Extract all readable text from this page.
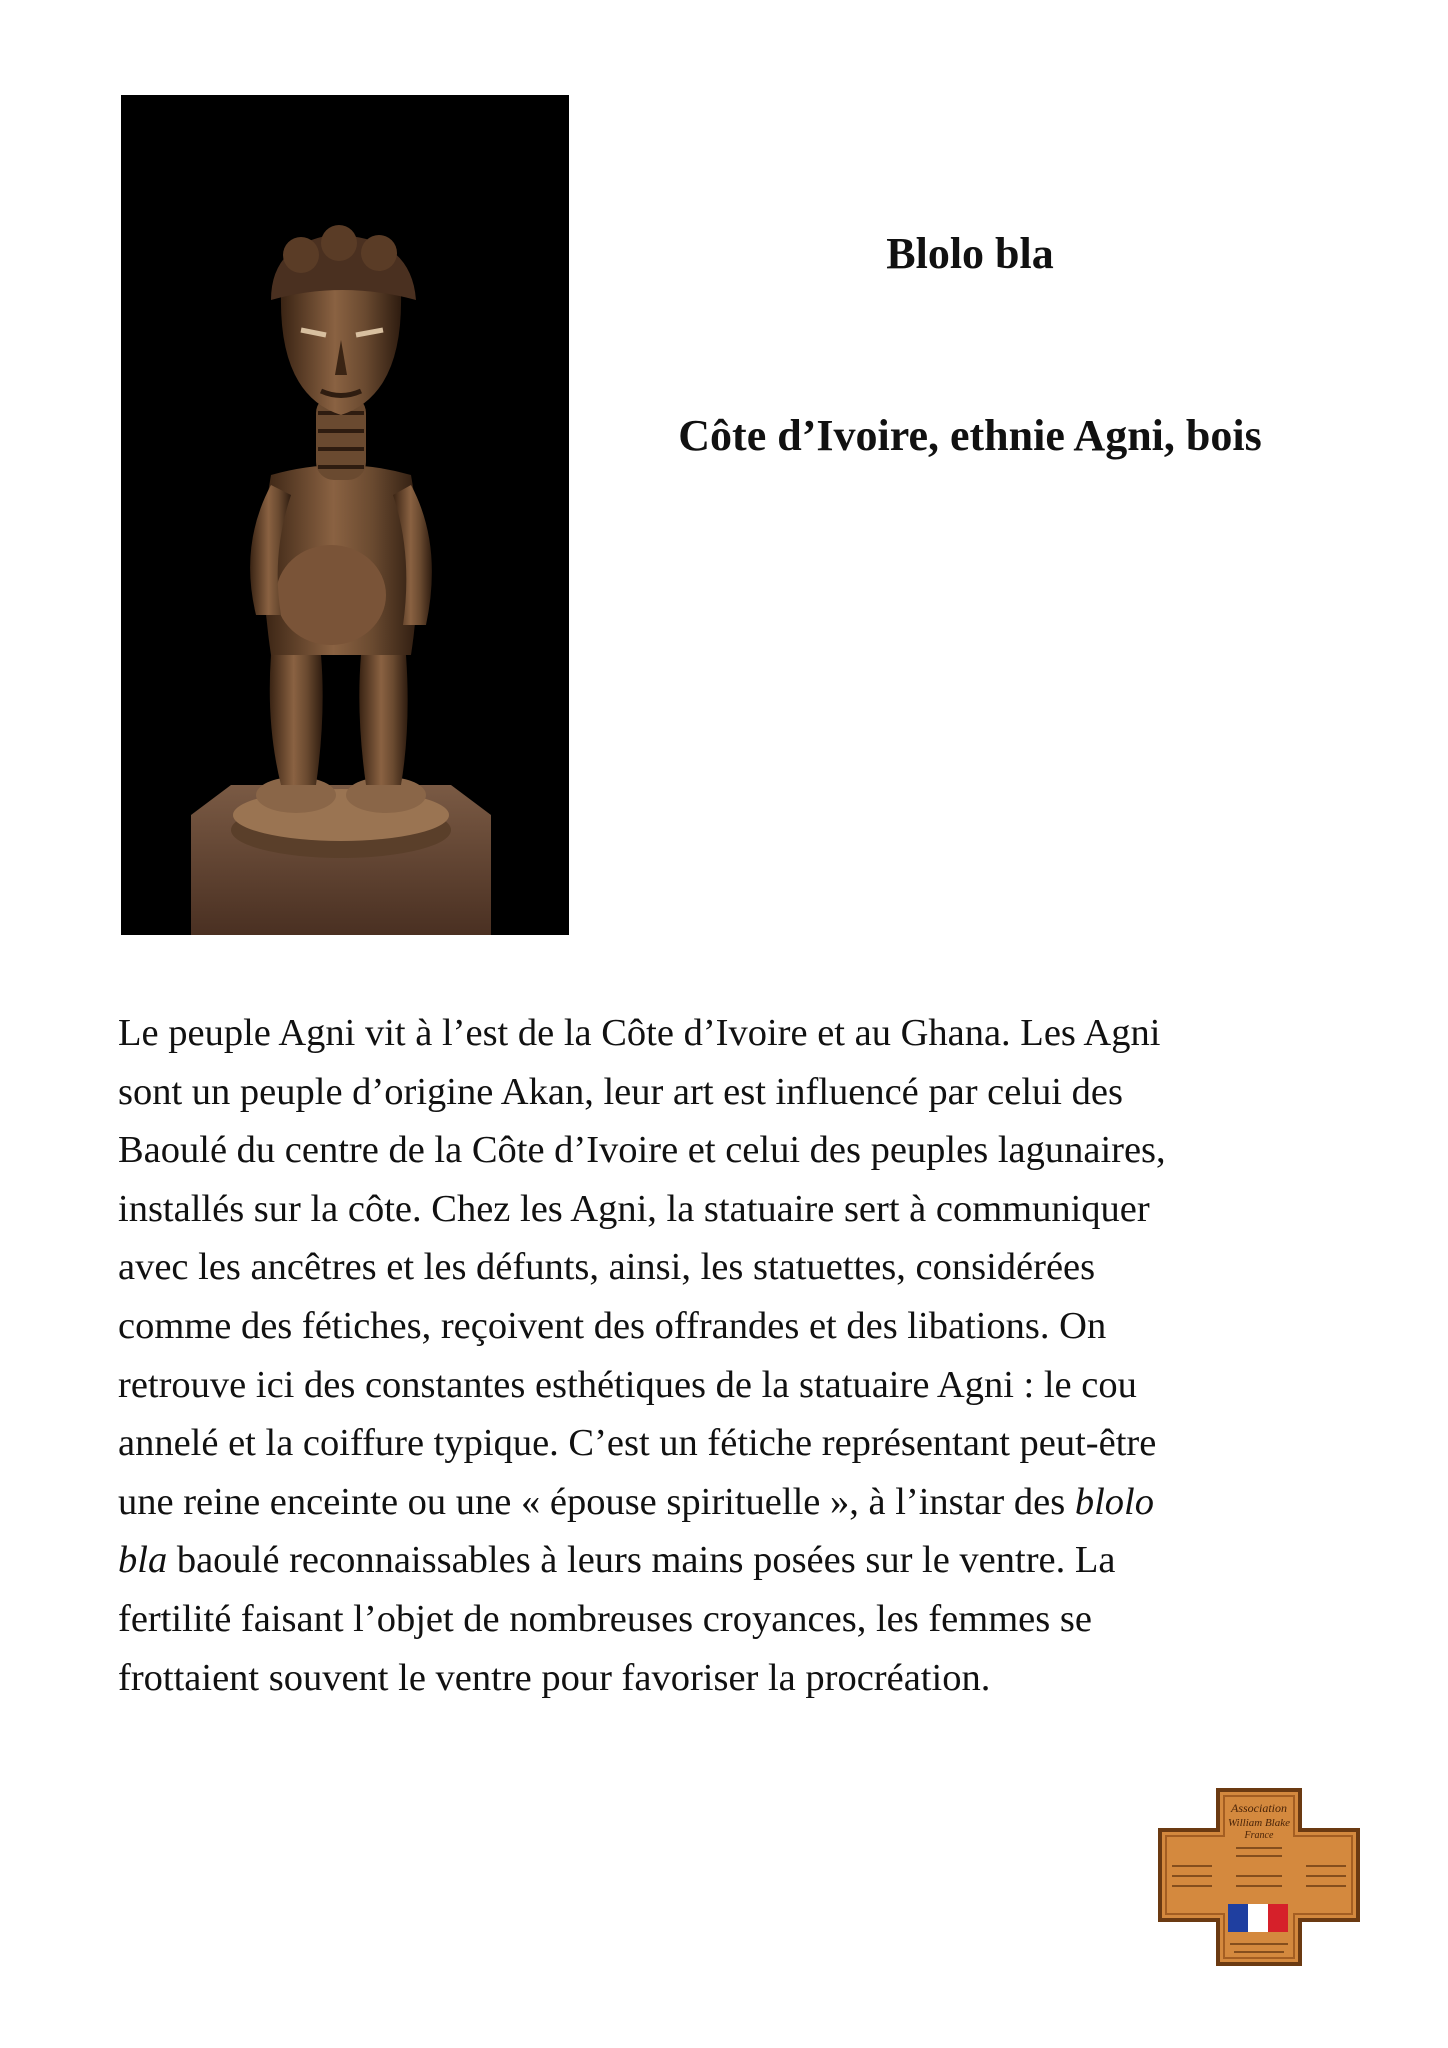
Blolo bla
Côte d’Ivoire, ethnie Agni, bois

Le peuple Agni vit à l’est de la Côte d’Ivoire et au Ghana. Les Agni
sont un peuple d’origine Akan, leur art est influencé par celui des
Baoulé du centre de la Côte d’Ivoire et celui des peuples lagunaires,
installés sur la côte. Chez les Agni, la statuaire sert à communiquer
avec les ancêtres et les défunts, ainsi, les statuettes, considérées
comme des fétiches, reçoivent des offrandes et des libations. On
retrouve ici des constantes esthétiques de la statuaire Agni : le cou
annelé et la coiffure typique. C’est un fétiche représentant peut-être
une reine enceinte ou une « épouse spirituelle », à l’instar des blolo
bla baoulé reconnaissables à leurs mains posées sur le ventre. La
fertilité faisant l’objet de nombreuses croyances, les femmes se
frottaient souvent le ventre pour favoriser la procréation.

Association
William Blake
France
